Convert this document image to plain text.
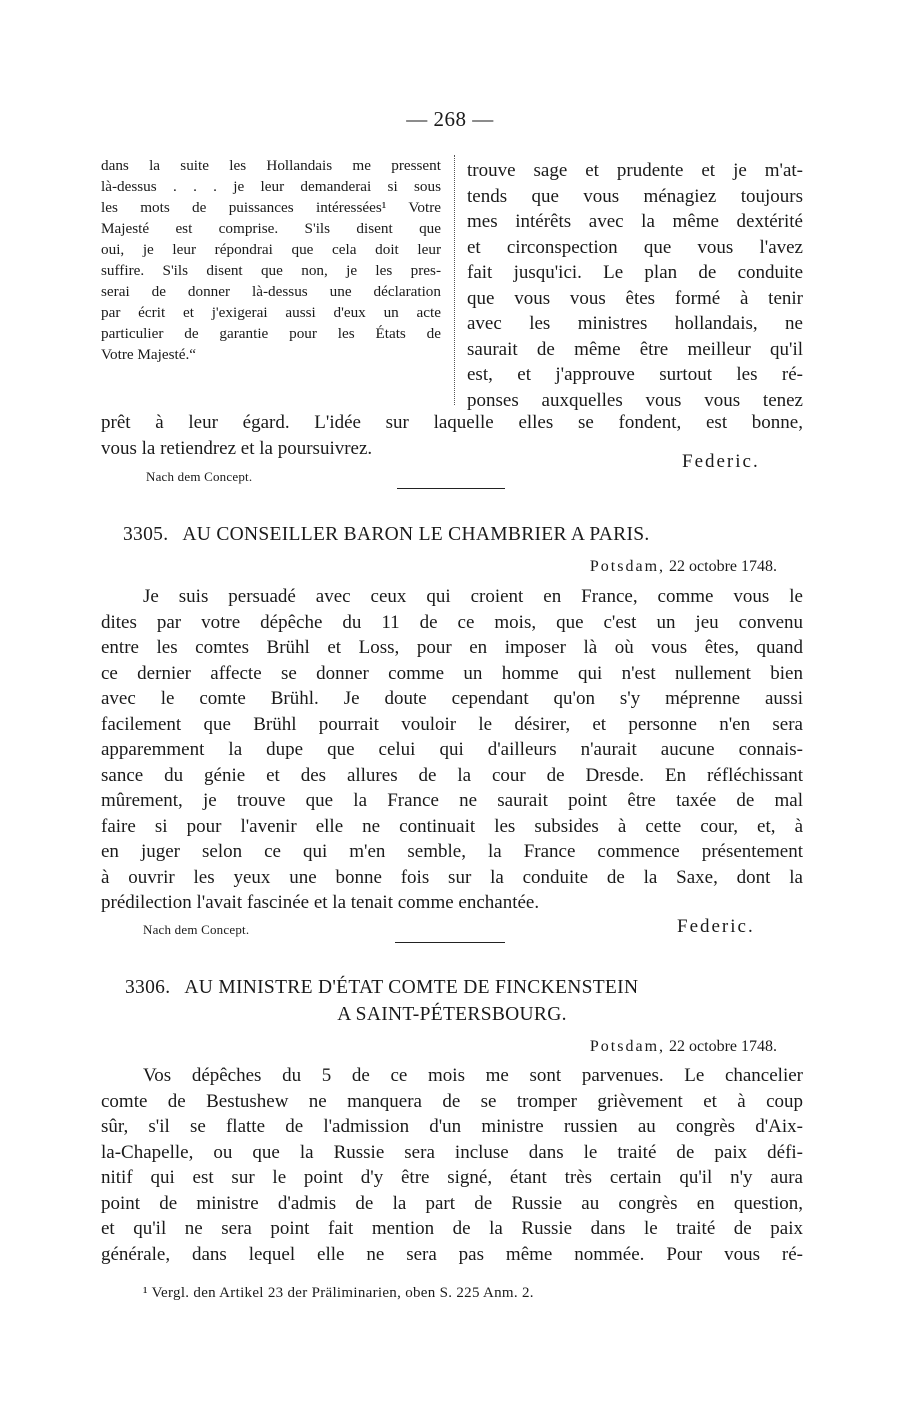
— 268 —
dans la suite les Hollandais me pressent
là-dessus . . . je leur demanderai si sous
les mots de puissances intéressées¹ Votre
Majesté est comprise. S'ils disent que
oui, je leur répondrai que cela doit leur
suffire. S'ils disent que non, je les pres-
serai de donner là-dessus une déclaration
par écrit et j'exigerai aussi d'eux un acte
particulier de garantie pour les États de
Votre Majesté.“
trouve sage et prudente et je m'at-
tends que vous ménagiez toujours
mes intérêts avec la même dextérité
et circonspection que vous l'avez
fait jusqu'ici. Le plan de conduite
que vous vous êtes formé à tenir
avec les ministres hollandais, ne
saurait de même être meilleur qu'il
est, et j'approuve surtout les ré-
ponses auxquelles vous vous tenez
prêt à leur égard. L'idée sur laquelle elles se fondent, est bonne,
vous la retiendrez et la poursuivrez.
Nach dem Concept.
Federic.
3305. AU CONSEILLER BARON LE CHAMBRIER A PARIS.
Potsdam, 22 octobre 1748.
Je suis persuadé avec ceux qui croient en France, comme vous le
dites par votre dépêche du 11 de ce mois, que c'est un jeu convenu
entre les comtes Brühl et Loss, pour en imposer là où vous êtes, quand
ce dernier affecte se donner comme un homme qui n'est nullement bien
avec le comte Brühl. Je doute cependant qu'on s'y méprenne aussi
facilement que Brühl pourrait vouloir le désirer, et personne n'en sera
apparemment la dupe que celui qui d'ailleurs n'aurait aucune connais-
sance du génie et des allures de la cour de Dresde. En réfléchissant
mûrement, je trouve que la France ne saurait point être taxée de mal
faire si pour l'avenir elle ne continuait les subsides à cette cour, et, à
en juger selon ce qui m'en semble, la France commence présentement
à ouvrir les yeux une bonne fois sur la conduite de la Saxe, dont la
prédilection l'avait fascinée et la tenait comme enchantée.
Nach dem Concept.	Federic.
3306. AU MINISTRE D'ÉTAT COMTE DE FINCKENSTEIN
A SAINT-PÉTERSBOURG.
Potsdam, 22 octobre 1748.
Vos dépêches du 5 de ce mois me sont parvenues. Le chancelier
comte de Bestushew ne manquera de se tromper grièvement et à coup
sûr, s'il se flatte de l'admission d'un ministre russien au congrès d'Aix-
la-Chapelle, ou que la Russie sera incluse dans le traité de paix défi-
nitif qui est sur le point d'y être signé, étant très certain qu'il n'y aura
point de ministre d'admis de la part de Russie au congrès en question,
et qu'il ne sera point fait mention de la Russie dans le traité de paix
générale, dans lequel elle ne sera pas même nommée. Pour vous ré-
¹ Vergl. den Artikel 23 der Präliminarien, oben S. 225 Anm. 2.
